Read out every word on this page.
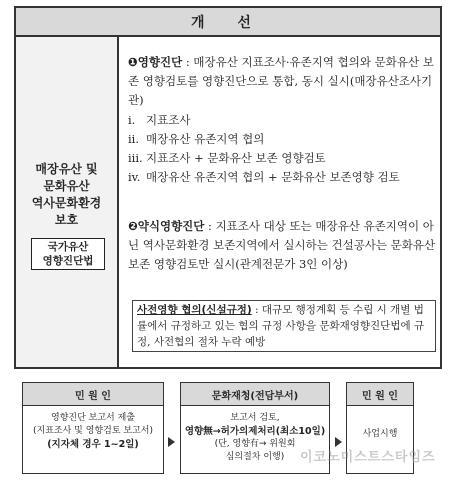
개 선
매장유산 및
문화유산
역사문화환경
보호
국가유산
영향진단법
❶영향진단 : 매장유산 지표조사·유존지역 협의와 문화유산 보존 영향검토를 영향진단으로 통합, 동시 실시(매장유산조사기관)
i. 지표조사
ii. 매장유산 유존지역 협의
iii. 지표조사 + 문화유산 보존 영향검토
iv. 매장유산 유존지역 협의 + 문화유산 보존영향 검토
❷약식영향진단 : 지표조사 대상 또는 매장유산 유존지역이 아닌 역사문화환경 보존지역에서 실시하는 건설공사는 문화유산 보존 영향검토만 실시(관계전문가 3인 이상)
사전영향 협의(신설규정) : 대규모 행정계획 등 수립 시 개별 법률에서 규정하고 있는 협의 규정 사항을 문화재영향진단법에 규정, 사전협의 절차 누락 예방
민 원 인
영향진단 보고서 제출
(지표조사 및 영향검토 보고서)
(지자체 경우 1~2일)
문화재청(전담부서)
보고서 검토,
영향無→허가의제처리(최소10일)
(단, 영향有→ 위원회
심의절차 이행)
민 원 인
사업시행
이코노미스트스타임즈
